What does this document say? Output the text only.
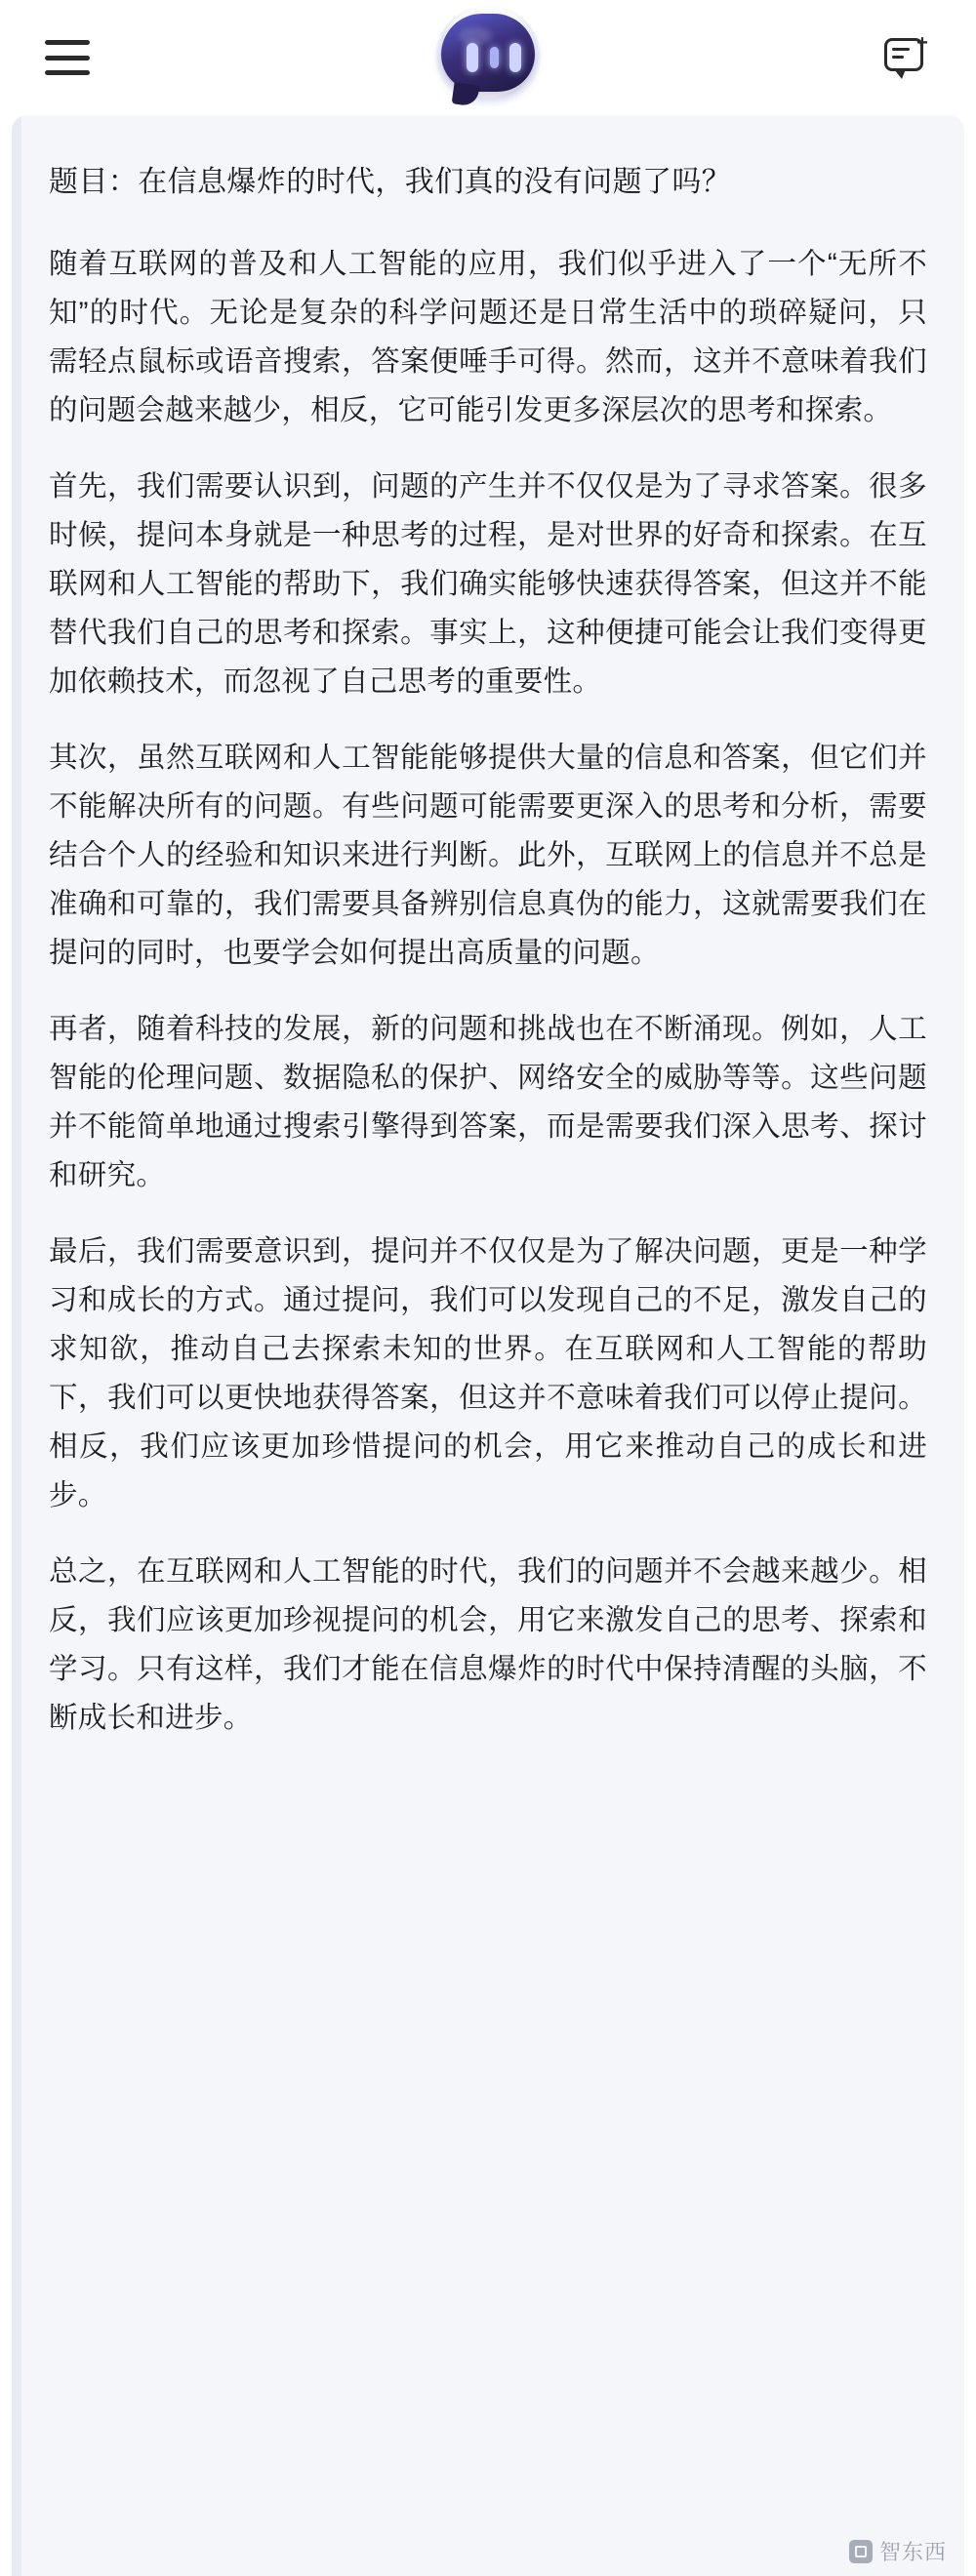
+
题目：在信息爆炸的时代，我们真的没有问题了吗？

随着互联网的普及和人工智能的应用，我们似乎进入了一个“无所不知”的时代。无论是复杂的科学问题还是日常生活中的琐碎疑问，只需轻点鼠标或语音搜索，答案便唾手可得。然而，这并不意味着我们的问题会越来越少，相反，它可能引发更多深层次的思考和探索。

首先，我们需要认识到，问题的产生并不仅仅是为了寻求答案。很多时候，提问本身就是一种思考的过程，是对世界的好奇和探索。在互联网和人工智能的帮助下，我们确实能够快速获得答案，但这并不能替代我们自己的思考和探索。事实上，这种便捷可能会让我们变得更加依赖技术，而忽视了自己思考的重要性。

其次，虽然互联网和人工智能能够提供大量的信息和答案，但它们并不能解决所有的问题。有些问题可能需要更深入的思考和分析，需要结合个人的经验和知识来进行判断。此外，互联网上的信息并不总是准确和可靠的，我们需要具备辨别信息真伪的能力，这就需要我们在提问的同时，也要学会如何提出高质量的问题。

再者，随着科技的发展，新的问题和挑战也在不断涌现。例如，人工智能的伦理问题、数据隐私的保护、网络安全的威胁等等。这些问题并不能简单地通过搜索引擎得到答案，而是需要我们深入思考、探讨和研究。

最后，我们需要意识到，提问并不仅仅是为了解决问题，更是一种学习和成长的方式。通过提问，我们可以发现自己的不足，激发自己的求知欲，推动自己去探索未知的世界。在互联网和人工智能的帮助下，我们可以更快地获得答案，但这并不意味着我们可以停止提问。相反，我们应该更加珍惜提问的机会，用它来推动自己的成长和进步。

总之，在互联网和人工智能的时代，我们的问题并不会越来越少。相反，我们应该更加珍视提问的机会，用它来激发自己的思考、探索和学习。只有这样，我们才能在信息爆炸的时代中保持清醒的头脑，不断成长和进步。

智东西
